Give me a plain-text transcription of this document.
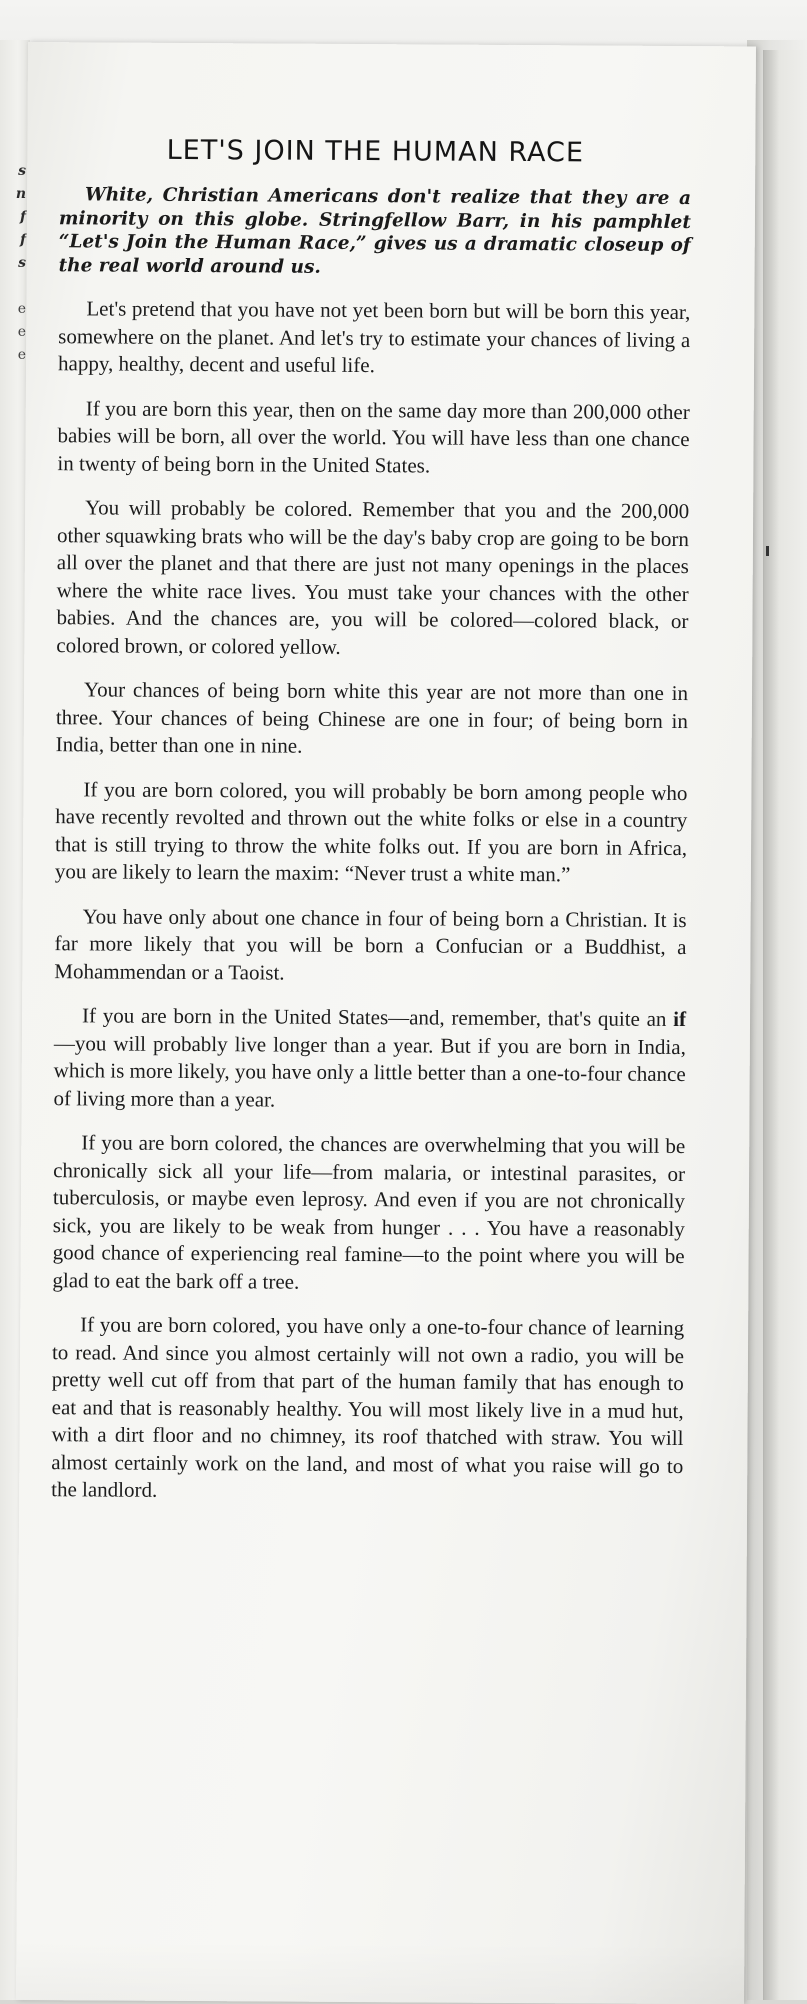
s
n
f
f
s
e
e
e
LET'S JOIN THE HUMAN RACE

White, Christian Americans don't realize that they are a minority on this globe. Stringfellow Barr, in his pamphlet “Let's Join the Human Race,” gives us a dramatic closeup of the real world around us.

Let's pretend that you have not yet been born but will be born this year, somewhere on the planet. And let's try to estimate your chances of living a happy, healthy, decent and useful life.

If you are born this year, then on the same day more than 200,000 other babies will be born, all over the world. You will have less than one chance in twenty of being born in the United States.

You will probably be colored. Remember that you and the 200,000 other squawking brats who will be the day's baby crop are going to be born all over the planet and that there are just not many openings in the places where the white race lives. You must take your chances with the other babies. And the chances are, you will be colored—colored black, or colored brown, or colored yellow.

Your chances of being born white this year are not more than one in three. Your chances of being Chinese are one in four; of being born in India, better than one in nine.

If you are born colored, you will probably be born among people who have recently revolted and thrown out the white folks or else in a country that is still trying to throw the white folks out. If you are born in Africa, you are likely to learn the maxim: “Never trust a white man.”

You have only about one chance in four of being born a Christian. It is far more likely that you will be born a Confucian or a Buddhist, a Mohammendan or a Taoist.

If you are born in the United States—and, remember, that's quite an if—you will probably live longer than a year. But if you are born in India, which is more likely, you have only a little better than a one-to-four chance of living more than a year.

If you are born colored, the chances are overwhelming that you will be chronically sick all your life—from malaria, or intestinal parasites, or tuberculosis, or maybe even leprosy. And even if you are not chronically sick, you are likely to be weak from hunger . . . You have a reasonably good chance of experiencing real famine—to the point where you will be glad to eat the bark off a tree.

If you are born colored, you have only a one-to-four chance of learning to read. And since you almost certainly will not own a radio, you will be pretty well cut off from that part of the human family that has enough to eat and that is reasonably healthy. You will most likely live in a mud hut, with a dirt floor and no chimney, its roof thatched with straw. You will almost certainly work on the land, and most of what you raise will go to the landlord.
